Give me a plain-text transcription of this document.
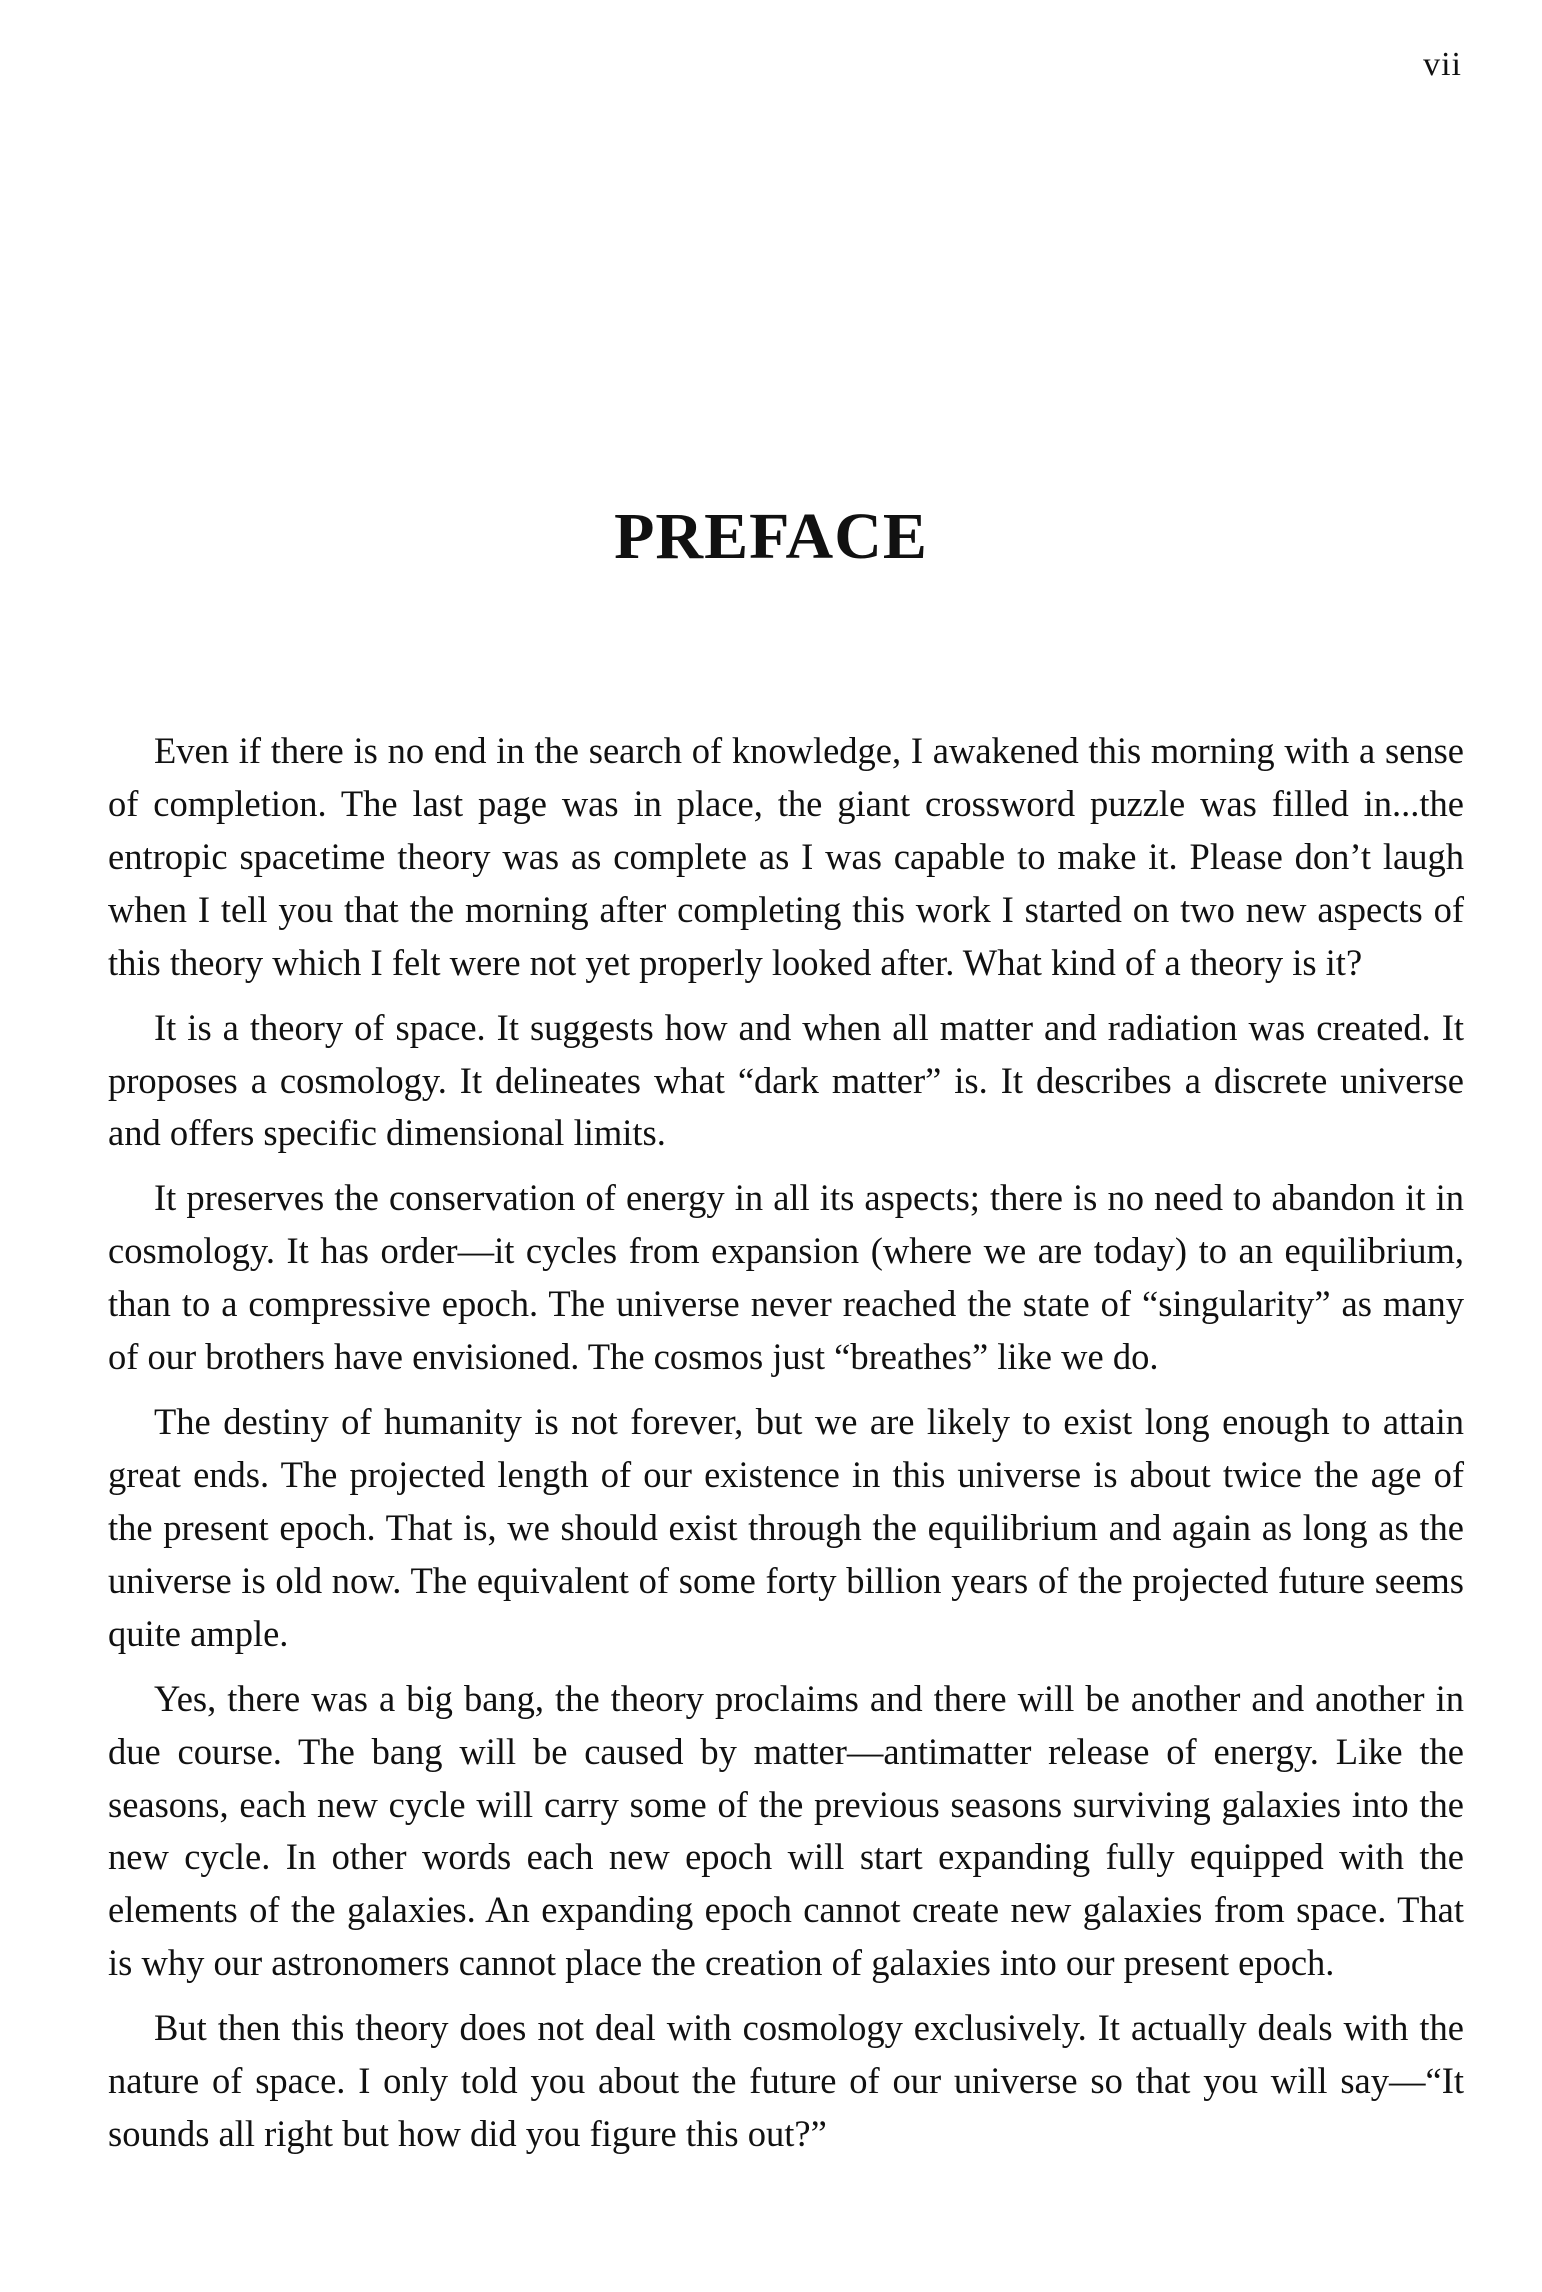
vii
PREFACE

Even if there is no end in the search of knowledge, I awakened this morning with a sense of completion. The last page was in place, the giant crossword puzzle was filled in...the entropic spacetime theory was as complete as I was capable to make it. Please don’t laugh when I tell you that the morning after completing this work I started on two new aspects of this theory which I felt were not yet properly looked after. What kind of a theory is it?

It is a theory of space. It suggests how and when all matter and radiation was created. It proposes a cosmology. It delineates what “dark matter” is. It describes a discrete universe and offers specific dimensional limits.

It preserves the conservation of energy in all its aspects; there is no need to abandon it in cosmology. It has order—it cycles from expansion (where we are today) to an equilibrium, than to a compressive epoch. The universe never reached the state of “singularity” as many of our brothers have envisioned. The cosmos just “breathes” like we do.

The destiny of humanity is not forever, but we are likely to exist long enough to attain great ends. The projected length of our existence in this universe is about twice the age of the present epoch. That is, we should exist through the equilibrium and again as long as the universe is old now. The equivalent of some forty billion years of the projected future seems quite ample.

Yes, there was a big bang, the theory proclaims and there will be another and another in due course. The bang will be caused by matter—antimatter release of energy. Like the seasons, each new cycle will carry some of the previous seasons surviving galaxies into the new cycle. In other words each new epoch will start expanding fully equipped with the elements of the galaxies. An expanding epoch cannot create new galaxies from space. That is why our astronomers cannot place the creation of galaxies into our present epoch.

But then this theory does not deal with cosmology exclusively. It actually deals with the nature of space. I only told you about the future of our universe so that you will say—“It sounds all right but how did you figure this out?”
